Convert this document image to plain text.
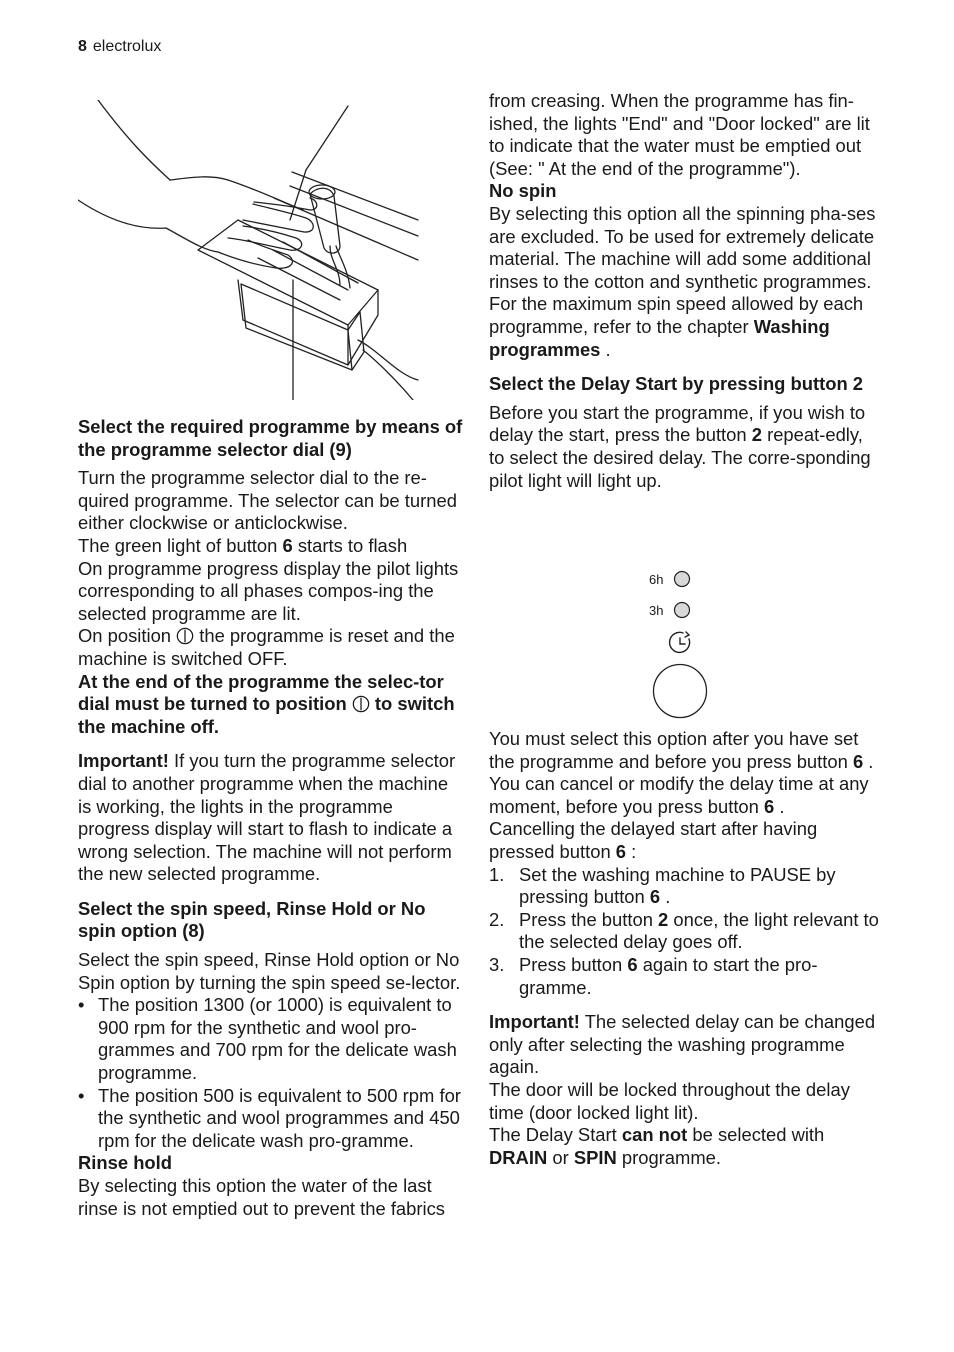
8 electrolux
Select the required programme by means of the programme selector dial (9)

Turn the programme selector dial to the re-quired programme. The selector can be turned either clockwise or anticlockwise.

The green light of button 6 starts to flash

On programme progress display the pilot lights corresponding to all phases compos-ing the selected programme are lit.

On position  the programme is reset and the machine is switched OFF.

At the end of the programme the selec-tor dial must be turned to position  to switch the machine off.

Important! If you turn the programme selector dial to another programme when the machine is working, the lights in the programme progress display will start to flash to indicate a wrong selection. The machine will not perform the new selected programme.

Select the spin speed, Rinse Hold or No spin option (8)

Select the spin speed, Rinse Hold option or No Spin option by turning the spin speed se-lector.

• The position 1300 (or 1000) is equivalent to 900 rpm for the synthetic and wool pro-grammes and 700 rpm for the delicate wash programme.
• The position 500 is equivalent to 500 rpm for the synthetic and wool programmes and 450 rpm for the delicate wash pro-gramme.
Rinse hold

By selecting this option the water of the last rinse is not emptied out to prevent the fabrics

from creasing. When the programme has fin-ished, the lights "End" and "Door locked" are lit to indicate that the water must be emptied out (See: " At the end of the programme").

No spin

By selecting this option all the spinning pha-ses are excluded. To be used for extremely delicate material. The machine will add some additional rinses to the cotton and synthetic programmes.

For the maximum spin speed allowed by each programme, refer to the chapter Washing programmes .

Select the Delay Start by pressing button 2

Before you start the programme, if you wish to delay the start, press the button 2 repeat-edly, to select the desired delay. The corre-sponding pilot light will light up.

You must select this option after you have set the programme and before you press button 6 .

You can cancel or modify the delay time at any moment, before you press button 6 .

Cancelling the delayed start after having pressed button 6 :

1. Set the washing machine to PAUSE by pressing button 6 .
2. Press the button 2 once, the light relevant to the selected delay goes off.
3. Press button 6 again to start the pro-gramme.

Important! The selected delay can be changed only after selecting the washing programme again.

The door will be locked throughout the delay time (door locked light lit).

The Delay Start can not be selected with DRAIN or SPIN programme.

6h
3h
